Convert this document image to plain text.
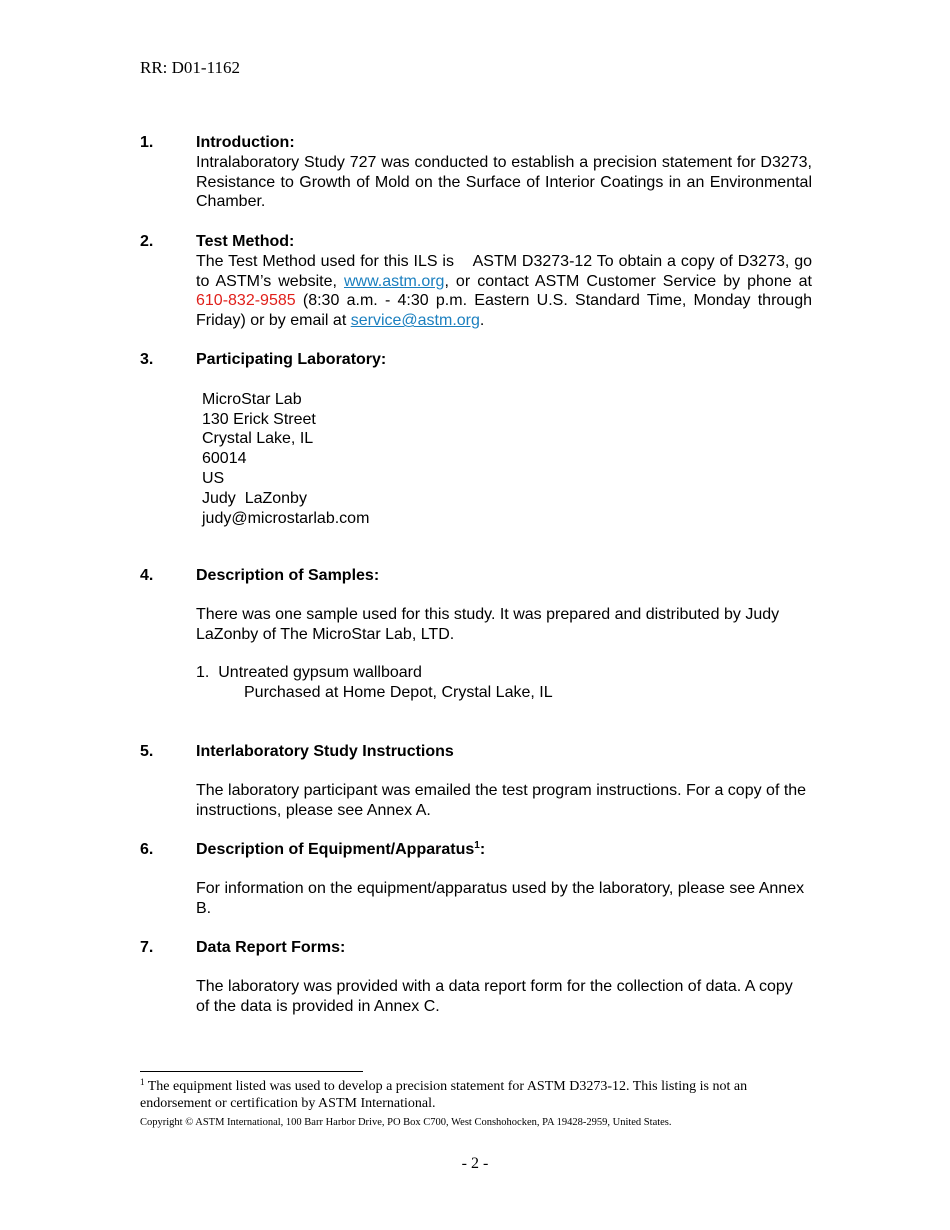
RR: D01-1162
1.	Introduction:
Intralaboratory Study 727 was conducted to establish a precision statement for D3273, Resistance to Growth of Mold on the Surface of Interior Coatings in an Environmental Chamber.
2.	Test Method:
The Test Method used for this ILS is    ASTM D3273-12 To obtain a copy of D3273, go to ASTM’s website, www.astm.org, or contact ASTM Customer Service by phone at 610-832-9585 (8:30 a.m. - 4:30 p.m. Eastern U.S. Standard Time, Monday through Friday) or by email at service@astm.org.
3.	Participating Laboratory:
MicroStar Lab
130 Erick Street
Crystal Lake, IL
60014
US
Judy  LaZonby
judy@microstarlab.com
4.	Description of Samples:
There was one sample used for this study. It was prepared and distributed by Judy LaZonby of The MicroStar Lab, LTD.
1.  Untreated gypsum wallboard
Purchased at Home Depot, Crystal Lake, IL
5.	Interlaboratory Study Instructions
The laboratory participant was emailed the test program instructions. For a copy of the instructions, please see Annex A.
6.	Description of Equipment/Apparatus$^1$:
For information on the equipment/apparatus used by the laboratory, please see Annex B.
7.	Data Report Forms:
The laboratory was provided with a data report form for the collection of data. A copy of the data is provided in Annex C.
$^1$ The equipment listed was used to develop a precision statement for ASTM D3273-12. This listing is not an endorsement or certification by ASTM International.
Copyright © ASTM International, 100 Barr Harbor Drive, PO Box C700, West Conshohocken, PA 19428-2959, United States.
- 2 -
